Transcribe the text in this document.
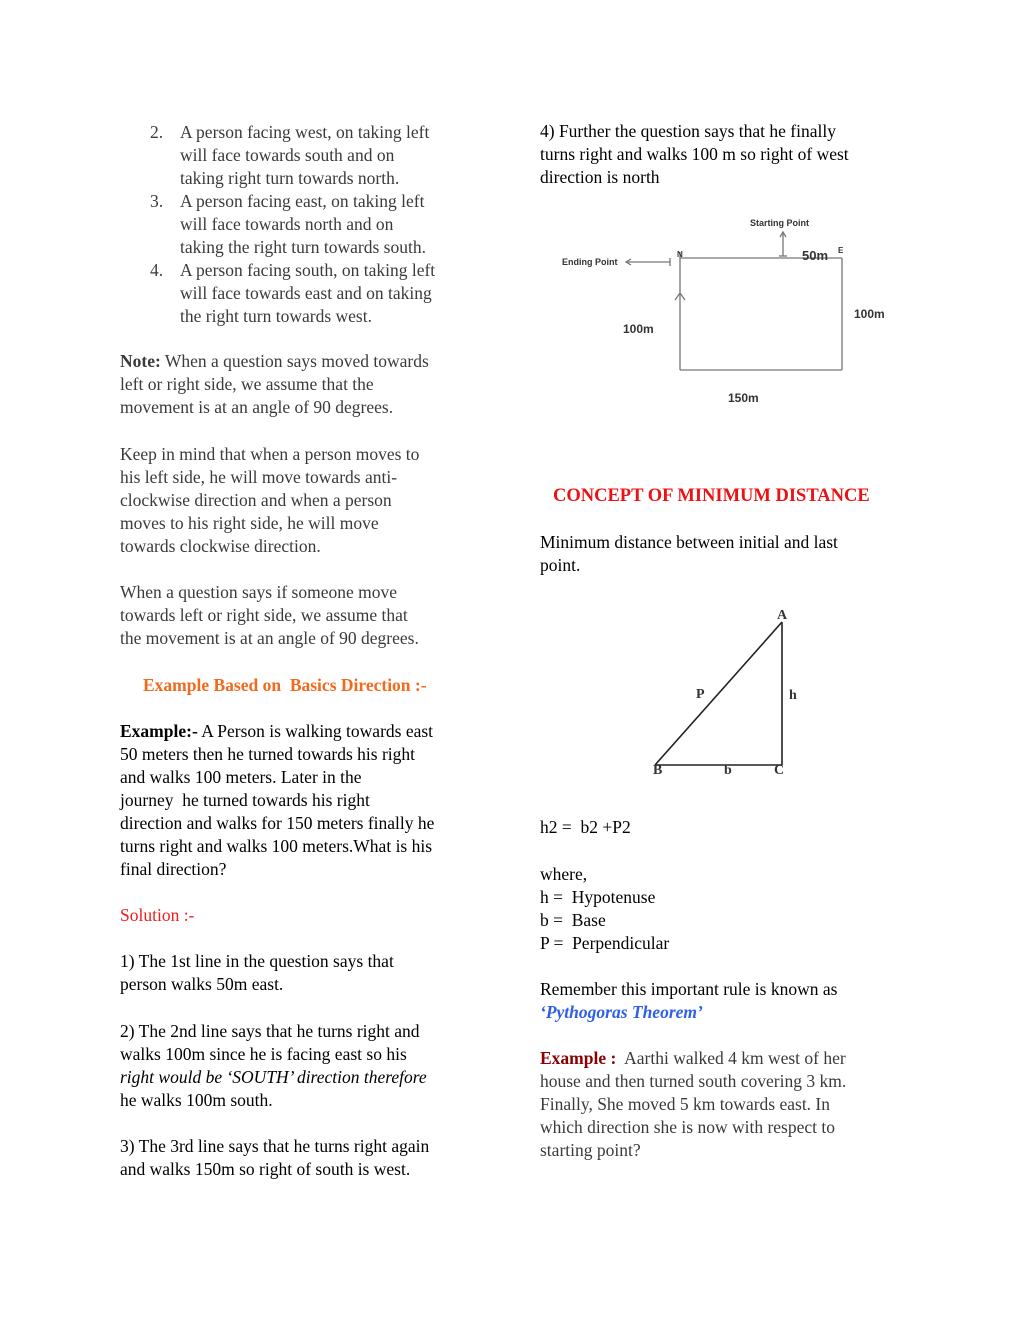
2. A person facing west, on taking left
will face towards south and on
taking right turn towards north.
3. A person facing east, on taking left
will face towards north and on
taking the right turn towards south.
4. A person facing south, on taking left
will face towards east and on taking
the right turn towards west.
Note: When a question says moved towards
left or right side, we assume that the
movement is at an angle of 90 degrees.
Keep in mind that when a person moves to
his left side, he will move towards anti-
clockwise direction and when a person
moves to his right side, he will move
towards clockwise direction.
When a question says if someone move
towards left or right side, we assume that
the movement is at an angle of 90 degrees.
Example Based on  Basics Direction :-
Example:- A Person is walking towards east
50 meters then he turned towards his right
and walks 100 meters. Later in the
journey  he turned towards his right
direction and walks for 150 meters finally he
turns right and walks 100 meters.What is his
final direction?
Solution :-
1) The 1st line in the question says that
person walks 50m east.
2) The 2nd line says that he turns right and
walks 100m since he is facing east so his
right would be ‘SOUTH’ direction therefore
he walks 100m south.
3) The 3rd line says that he turns right again
and walks 150m so right of south is west.
4) Further the question says that he finally
turns right and walks 100 m so right of west
direction is north
Starting Point
Ending Point
N	E
50m
100m
100m
150m
CONCEPT OF MINIMUM DISTANCE
Minimum distance between initial and last
point.
A
P	h
B	b	C
h2 =  b2 +P2
where,
h =  Hypotenuse
b =  Base
P =  Perpendicular
Remember this important rule is known as
‘Pythogoras Theorem’
Example :  Aarthi walked 4 km west of her
house and then turned south covering 3 km.
Finally, She moved 5 km towards east. In
which direction she is now with respect to
starting point?
